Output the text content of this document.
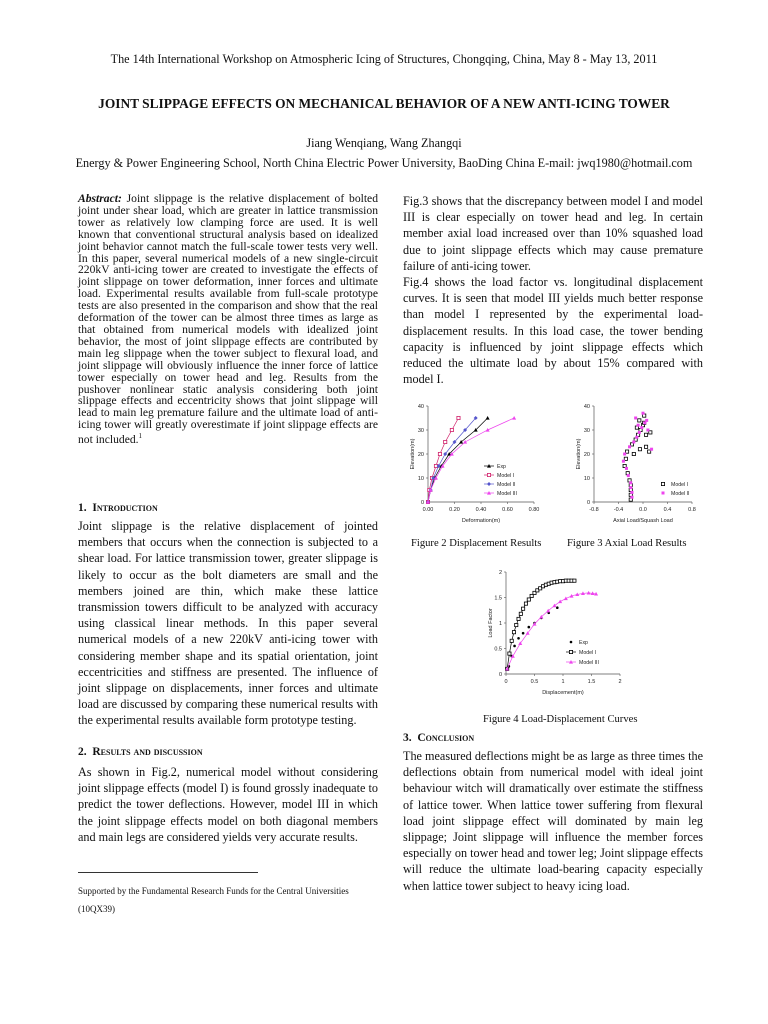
The 14th International Workshop on Atmospheric Icing of Structures, Chongqing, China, May 8 - May 13, 2011
JOINT SLIPPAGE EFFECTS ON MECHANICAL BEHAVIOR OF A NEW ANTI-ICING TOWER
Jiang Wenqiang, Wang Zhangqi
Energy & Power Engineering School, North China Electric Power University, BaoDing China E-mail: jwq1980@hotmail.com
Abstract: Joint slippage is the relative displacement of bolted joint under shear load, which are greater in lattice transmission tower as relatively low clamping force are used. It is well known that conventional structural analysis based on idealized joint behavior cannot match the full-scale tower tests very well. In this paper, several numerical models of a new single-circuit 220kV anti-icing tower are created to investigate the effects of joint slippage on tower deformation, inner forces and ultimate load. Experimental results available from full-scale prototype tests are also presented in the comparison and show that the real deformation of the tower can be almost three times as large as that obtained from numerical models with idealized joint behavior, the most of joint slippage effects are contributed by main leg slippage when the tower subject to flexural load, and joint slippage will obviously influence the inner force of lattice tower especially on tower head and leg. Results from the pushover nonlinear static analysis considering both joint slippage effects and eccentricity shows that joint slippage will lead to main leg premature failure and the ultimate load of anti-icing tower will greatly overestimate if joint slippage effects are not included.$^1$
1. Introduction
Joint slippage is the relative displacement of jointed members that occurs when the connection is subjected to a shear load. For lattice transmission tower, greater slippage is likely to occur as the bolt diameters are small and the members joined are thin, which make these lattice transmission towers difficult to be analyzed with accuracy using classical linear methods. In this paper several numerical models of a new 220kV anti-icing tower with considering member shape and its spatial orientation, joint eccentricities and stiffness are presented. The influence of joint slippage on displacements, inner forces and ultimate load are discussed by comparing these numerical results with the experimental results available form prototype testing.
2. Results and discussion
As shown in Fig.2, numerical model without considering joint slippage effects (model I) is found grossly inadequate to predict the tower deflections. However, model III in which the joint slippage effects model on both diagonal members and main legs are considered yields very accurate results.
Supported by the Fundamental Research Funds for the Central Universities (10QX39)
Fig.3 shows that the discrepancy between model I and model III is clear especially on tower head and leg. In certain member axial load increased over than 10% squashed load due to joint slippage effects which may cause premature failure of anti-icing tower.
Fig.4 shows the load factor vs. longitudinal displacement curves. It is seen that model III yields much better response than model I represented by the experimental load-displacement results. In this load case, the tower bending capacity is influenced by joint slippage effects which reduced the ultimate load by about 15% compared with model I.
0
10
20
30
40
0.00	0.20	0.40	0.60	0.80
Deformation(m)
Elevation(m)	Exp
Model I
Model II
Model III
Figure 2 Displacement Results
0
10
20
30
40
-0.8	-0.4	0.0	0.4	0.8
Axial Load/Squash Load
Elevation(m)
Model I
Model II
Figure 3 Axial Load Results
0
0.5
1
1.5
2
0	0.5	1	1.5	2
Displacement(m)
Load Factor
Exp
Model I
Model III
Figure 4 Load-Displacement Curves
3. Conclusion
The measured deflections might be as large as three times the deflections obtain from numerical model with ideal joint behaviour witch will dramatically over estimate the stiffness of lattice tower. When lattice tower suffering from flexural load joint slippage effect will dominated by main leg slippage; Joint slippage will influence the member forces especially on tower head and tower leg; Joint slippage effects will reduce the ultimate load-bearing capacity especially when lattice tower subject to heavy icing load.
